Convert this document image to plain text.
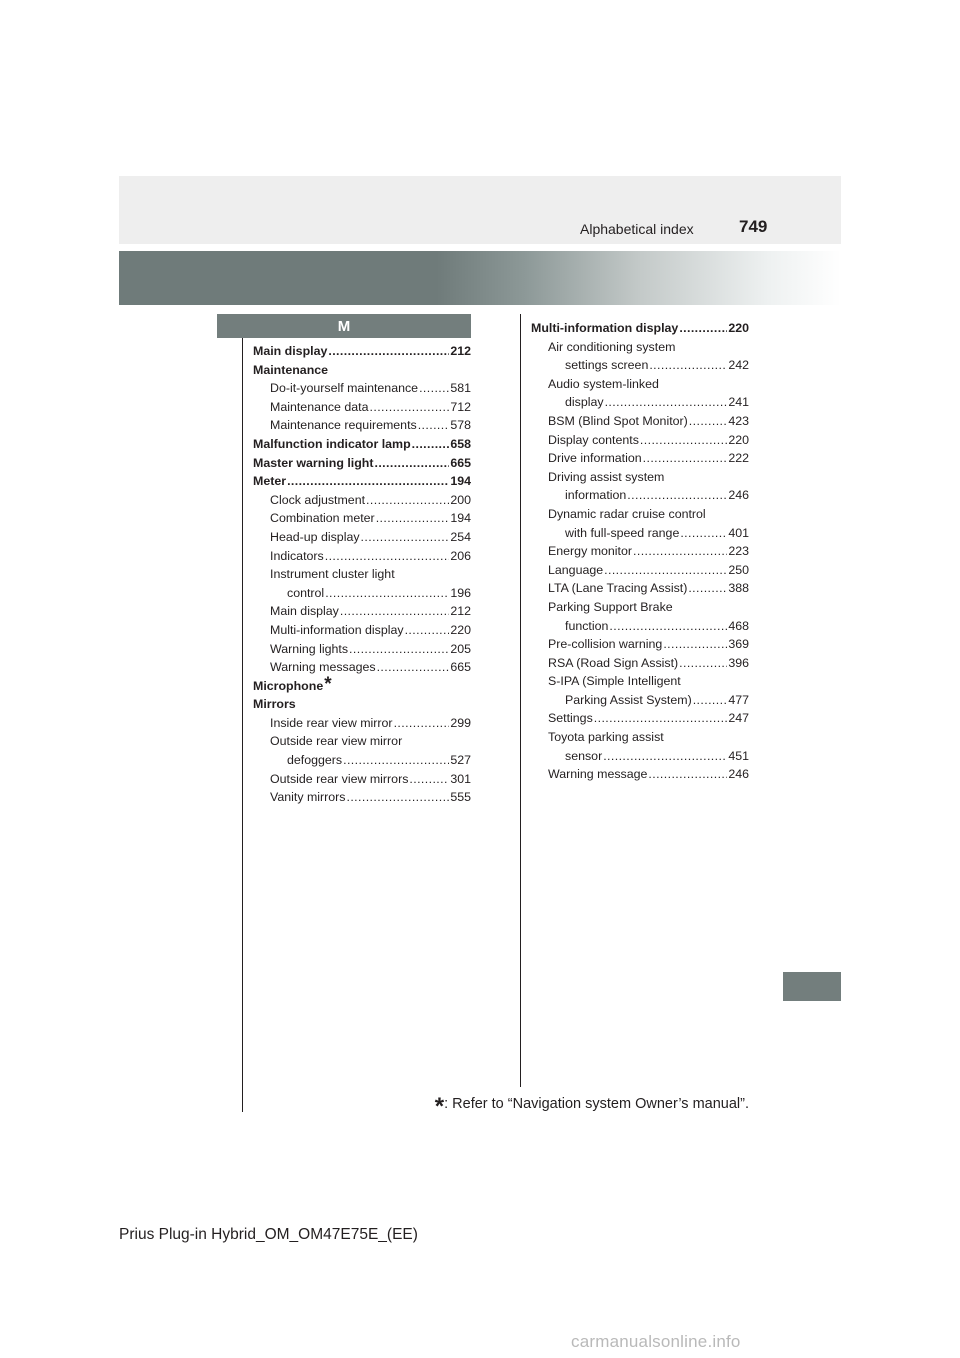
Alphabetical index	749
M
Main display .....	212
Maintenance
Do-it-yourself maintenance .....	581
Maintenance data .....	712
Maintenance requirements .....	578
Malfunction indicator lamp .....	658
Master warning light .....	665
Meter .....	194
Clock adjustment .....	200
Combination meter .....	194
Head-up display .....	254
Indicators .....	206
Instrument cluster light
control .....	196
Main display .....	212
Multi-information display .....	220
Warning lights .....	205
Warning messages .....	665
Microphone *
Mirrors
Inside rear view mirror .....	299
Outside rear view mirror
defoggers .....	527
Outside rear view mirrors .....	301
Vanity mirrors .....	555
Multi-information display .....	220
Air conditioning system
settings screen .....	242
Audio system-linked
display .....	241
BSM (Blind Spot Monitor) .....	423
Display contents .....	220
Drive information .....	222
Driving assist system
information .....	246
Dynamic radar cruise control
with full-speed range .....	401
Energy monitor .....	223
Language .....	250
LTA (Lane Tracing Assist) .....	388
Parking Support Brake
function .....	468
Pre-collision warning .....	369
RSA (Road Sign Assist) .....	396
S-IPA (Simple Intelligent
Parking Assist System) .....	477
Settings .....	247
Toyota parking assist
sensor .....	451
Warning message .....	246
*: Refer to “Navigation system Owner’s manual”.
Prius Plug-in Hybrid_OM_OM47E75E_(EE)
carmanualsonline.info
